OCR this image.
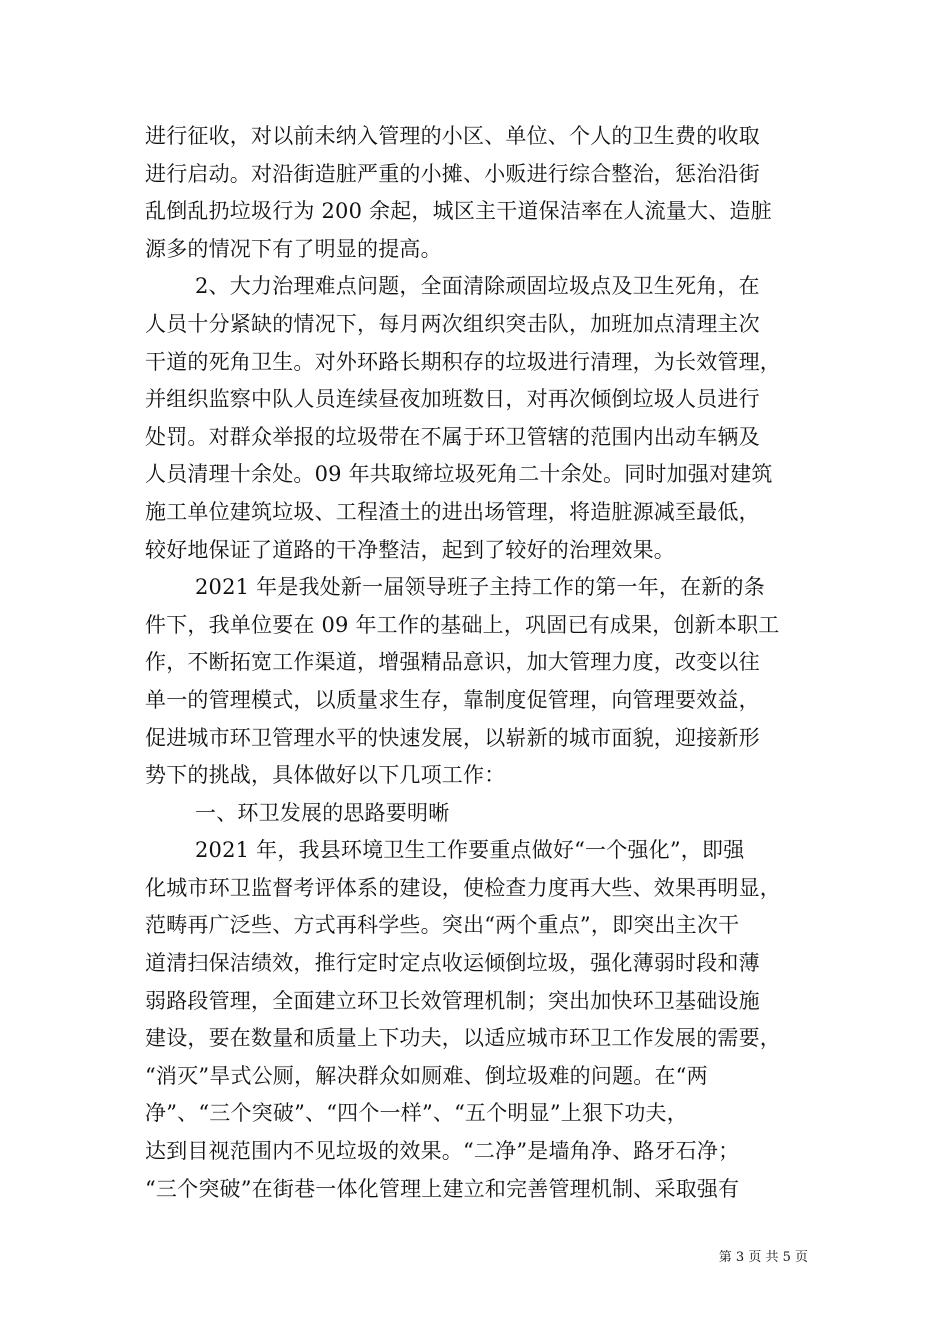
进行征收，对以前未纳入管理的小区、单位、个人的卫生费的收取
进行启动。对沿街造脏严重的小摊、小贩进行综合整治，惩治沿街
乱倒乱扔垃圾行为 200 余起，城区主干道保洁率在人流量大、造脏
源多的情况下有了明显的提高。
2、大力治理难点问题，全面清除顽固垃圾点及卫生死角，在
人员十分紧缺的情况下，每月两次组织突击队，加班加点清理主次
干道的死角卫生。对外环路长期积存的垃圾进行清理，为长效管理，
并组织监察中队人员连续昼夜加班数日，对再次倾倒垃圾人员进行
处罚。对群众举报的垃圾带在不属于环卫管辖的范围内出动车辆及
人员清理十余处。09 年共取缔垃圾死角二十余处。同时加强对建筑
施工单位建筑垃圾、工程渣土的进出场管理，将造脏源减至最低，
较好地保证了道路的干净整洁，起到了较好的治理效果。
2021 年是我处新一届领导班子主持工作的第一年，在新的条
件下，我单位要在 09 年工作的基础上，巩固已有成果，创新本职工
作，不断拓宽工作渠道，增强精品意识，加大管理力度，改变以往
单一的管理模式，以质量求生存，靠制度促管理，向管理要效益，
促进城市环卫管理水平的快速发展，以崭新的城市面貌，迎接新形
势下的挑战，具体做好以下几项工作：
一、环卫发展的思路要明晰
2021 年，我县环境卫生工作要重点做好“一个强化”，即强
化城市环卫监督考评体系的建设，使检查力度再大些、效果再明显，
范畴再广泛些、方式再科学些。突出“两个重点”，即突出主次干
道清扫保洁绩效，推行定时定点收运倾倒垃圾，强化薄弱时段和薄
弱路段管理，全面建立环卫长效管理机制；突出加快环卫基础设施
建设，要在数量和质量上下功夫，以适应城市环卫工作发展的需要，
“消灭”旱式公厕，解决群众如厕难、倒垃圾难的问题。在“两
净”、“三个突破”、“四个一样”、“五个明显”上狠下功夫，
达到目视范围内不见垃圾的效果。“二净”是墙角净、路牙石净；
“三个突破”在街巷一体化管理上建立和完善管理机制、采取强有
第 3 页 共 5 页
